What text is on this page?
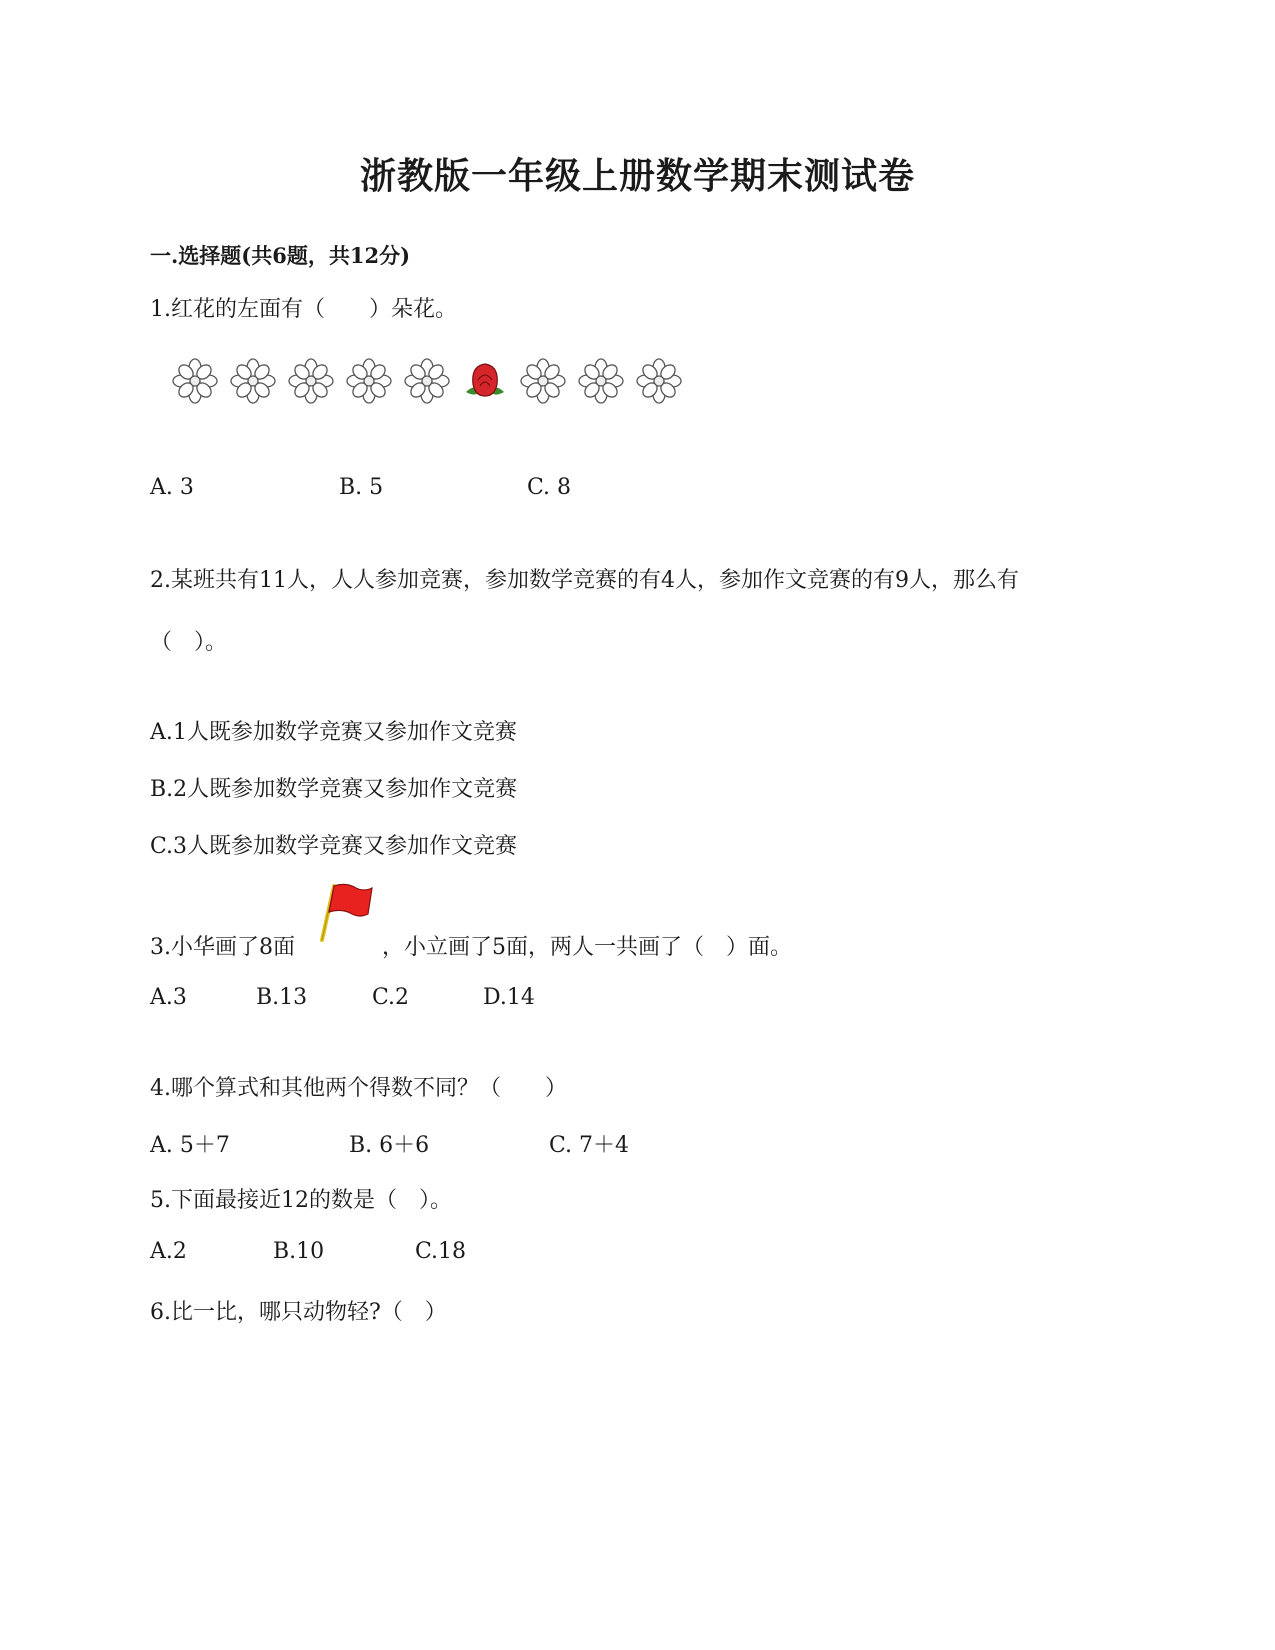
浙教版一年级上册数学期末测试卷
一.选择题(共6题，共12分)
1.红花的左面有（　　）朵花。
A. 3	B. 5	C. 8
2.某班共有11人，人人参加竞赛，参加数学竞赛的有4人，参加作文竞赛的有9人，那么有
（　）。
A.1人既参加数学竞赛又参加作文竞赛
B.2人既参加数学竞赛又参加作文竞赛
C.3人既参加数学竞赛又参加作文竞赛
3.小华画了8面	，小立画了5面，两人一共画了（　）面。
A.3	B.13	C.2	D.14
4.哪个算式和其他两个得数不同？（　　）
A. 5＋7	B. 6＋6	C. 7＋4
5.下面最接近12的数是（　）。
A.2	B.10	C.18
6.比一比，哪只动物轻?（　）
